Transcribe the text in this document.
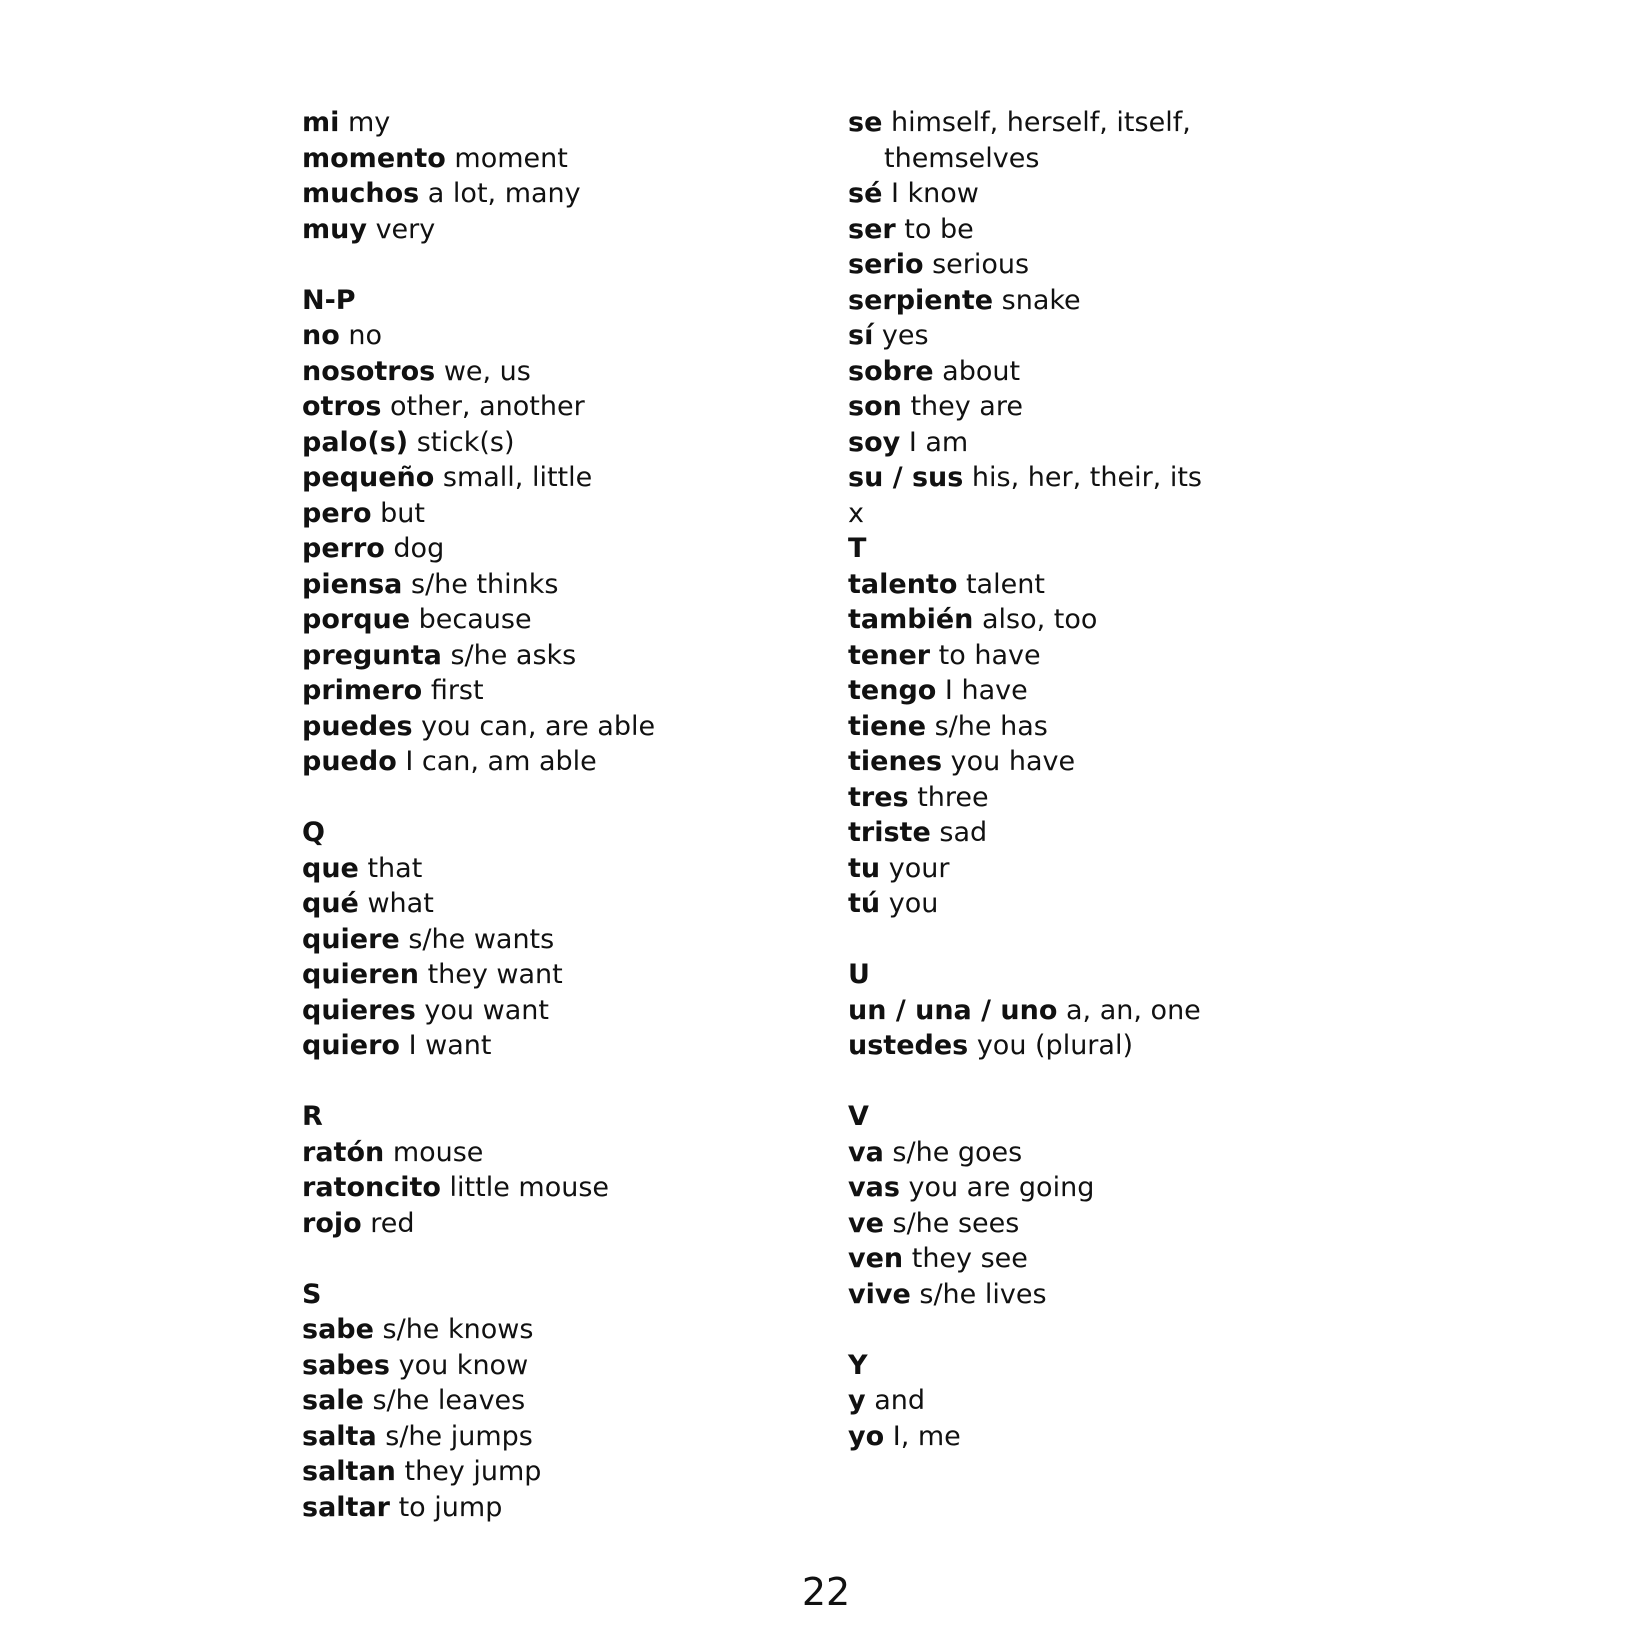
mi my
momento moment
muchos a lot, many
muy very
N-P
no no
nosotros we, us
otros other, another
palo(s) stick(s)
pequeño small, little
pero but
perro dog
piensa s/he thinks
porque because
pregunta s/he asks
primero first
puedes you can, are able
puedo I can, am able
Q
que that
qué what
quiere s/he wants
quieren they want
quieres you want
quiero I want
R
ratón mouse
ratoncito little mouse
rojo red
S
sabe s/he knows
sabes you know
sale s/he leaves
salta s/he jumps
saltan they jump
saltar to jump
se himself, herself, itself,
themselves
sé I know
ser to be
serio serious
serpiente snake
sí yes
sobre about
son they are
soy I am
su / sus his, her, their, its
x
T
talento talent
también also, too
tener to have
tengo I have
tiene s/he has
tienes you have
tres three
triste sad
tu your
tú you
U
un / una / uno a, an, one
ustedes you (plural)
V
va s/he goes
vas you are going
ve s/he sees
ven they see
vive s/he lives
Y
y and
yo I, me
22
